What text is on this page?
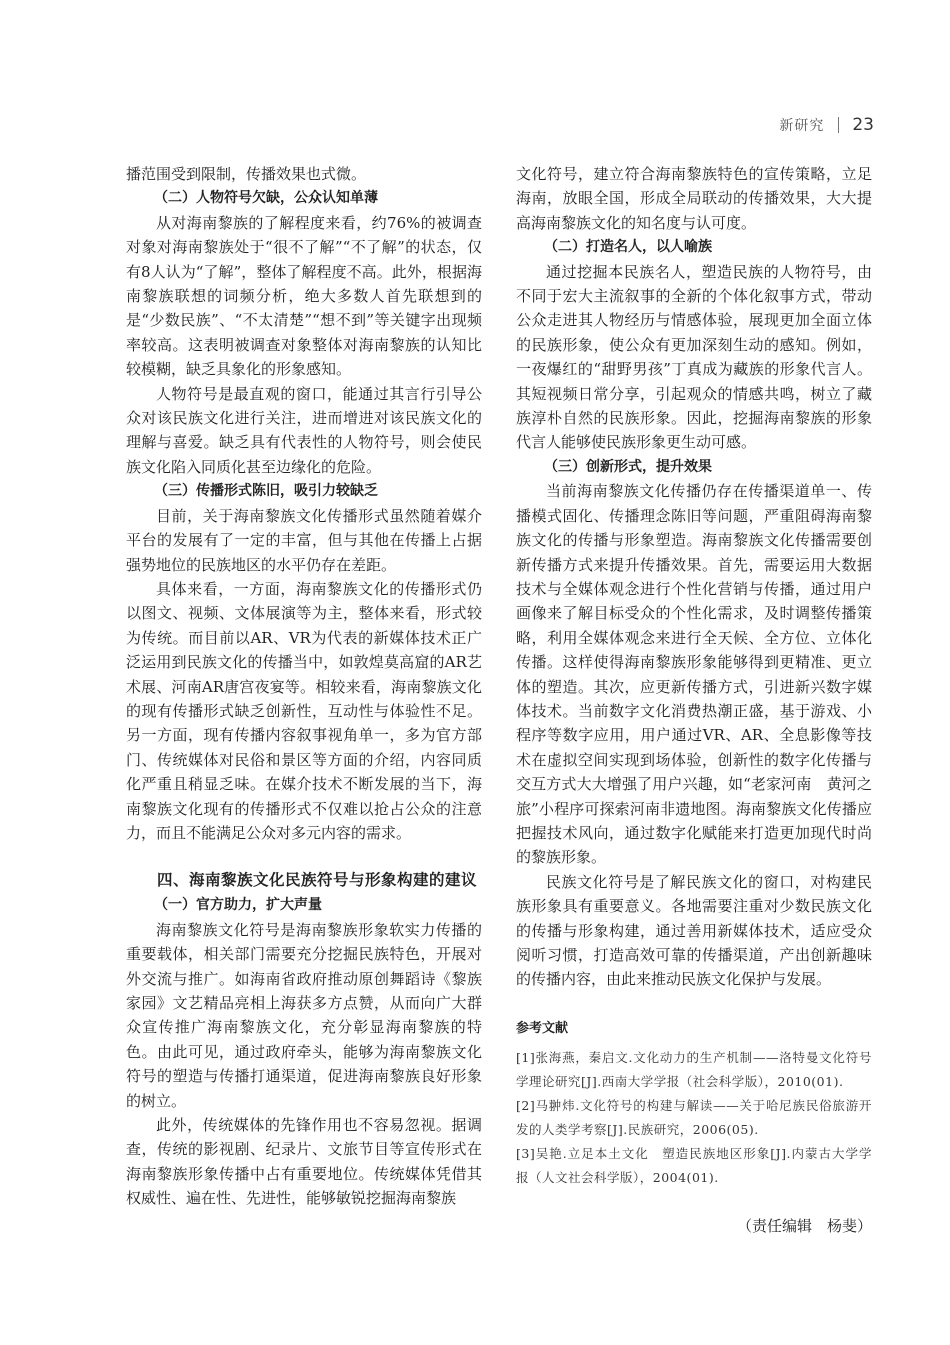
新研究 23

播范围受到限制，传播效果也式微。

（二）人物符号欠缺，公众认知单薄

从对海南黎族的了解程度来看，约76%的被调查对象对海南黎族处于“很不了解”“不了解”的状态，仅有8人认为“了解”，整体了解程度不高。此外，根据海南黎族联想的词频分析，绝大多数人首先联想到的是“少数民族”、“不太清楚”“想不到”等关键字出现频率较高。这表明被调查对象整体对海南黎族的认知比较模糊，缺乏具象化的形象感知。

人物符号是最直观的窗口，能通过其言行引导公众对该民族文化进行关注，进而增进对该民族文化的理解与喜爱。缺乏具有代表性的人物符号，则会使民族文化陷入同质化甚至边缘化的危险。

（三）传播形式陈旧，吸引力较缺乏

目前，关于海南黎族文化传播形式虽然随着媒介平台的发展有了一定的丰富，但与其他在传播上占据强势地位的民族地区的水平仍存在差距。

具体来看，一方面，海南黎族文化的传播形式仍以图文、视频、文体展演等为主，整体来看，形式较为传统。而目前以AR、VR为代表的新媒体技术正广泛运用到民族文化的传播当中，如敦煌莫高窟的AR艺术展、河南AR唐宫夜宴等。相较来看，海南黎族文化的现有传播形式缺乏创新性，互动性与体验性不足。另一方面，现有传播内容叙事视角单一，多为官方部门、传统媒体对民俗和景区等方面的介绍，内容同质化严重且稍显乏味。在媒介技术不断发展的当下，海南黎族文化现有的传播形式不仅难以抢占公众的注意力，而且不能满足公众对多元内容的需求。

四、海南黎族文化民族符号与形象构建的建议

（一）官方助力，扩大声量

海南黎族文化符号是海南黎族形象软实力传播的重要载体，相关部门需要充分挖掘民族特色，开展对外交流与推广。如海南省政府推动原创舞蹈诗《黎族家园》文艺精品亮相上海获多方点赞，从而向广大群众宣传推广海南黎族文化，充分彰显海南黎族的特色。由此可见，通过政府牵头，能够为海南黎族文化符号的塑造与传播打通渠道，促进海南黎族良好形象的树立。

此外，传统媒体的先锋作用也不容易忽视。据调查，传统的影视剧、纪录片、文旅节目等宣传形式在海南黎族形象传播中占有重要地位。传统媒体凭借其权威性、遍在性、先进性，能够敏锐挖掘海南黎族

文化符号，建立符合海南黎族特色的宣传策略，立足海南，放眼全国，形成全局联动的传播效果，大大提高海南黎族文化的知名度与认可度。

（二）打造名人，以人喻族

通过挖掘本民族名人，塑造民族的人物符号，由不同于宏大主流叙事的全新的个体化叙事方式，带动公众走进其人物经历与情感体验，展现更加全面立体的民族形象，使公众有更加深刻生动的感知。例如，一夜爆红的“甜野男孩”丁真成为藏族的形象代言人。其短视频日常分享，引起观众的情感共鸣，树立了藏族淳朴自然的民族形象。因此，挖掘海南黎族的形象代言人能够使民族形象更生动可感。

（三）创新形式，提升效果

当前海南黎族文化传播仍存在传播渠道单一、传播模式固化、传播理念陈旧等问题，严重阻碍海南黎族文化的传播与形象塑造。海南黎族文化传播需要创新传播方式来提升传播效果。首先，需要运用大数据技术与全媒体观念进行个性化营销与传播，通过用户画像来了解目标受众的个性化需求，及时调整传播策略，利用全媒体观念来进行全天候、全方位、立体化传播。这样使得海南黎族形象能够得到更精准、更立体的塑造。其次，应更新传播方式，引进新兴数字媒体技术。当前数字文化消费热潮正盛，基于游戏、小程序等数字应用，用户通过VR、AR、全息影像等技术在虚拟空间实现到场体验，创新性的数字化传播与交互方式大大增强了用户兴趣，如“老家河南　黄河之旅”小程序可探索河南非遗地图。海南黎族文化传播应把握技术风向，通过数字化赋能来打造更加现代时尚的黎族形象。

民族文化符号是了解民族文化的窗口，对构建民族形象具有重要意义。各地需要注重对少数民族文化的传播与形象构建，通过善用新媒体技术，适应受众阅听习惯，打造高效可靠的传播渠道，产出创新趣味的传播内容，由此来推动民族文化保护与发展。

参考文献

[1]张海燕，秦启文.文化动力的生产机制——洛特曼文化符号学理论研究[J].西南大学学报（社会科学版），2010(01).

[2]马翀炜.文化符号的构建与解读——关于哈尼族民俗旅游开发的人类学考察[J].民族研究，2006(05).

[3]吴艳.立足本土文化　塑造民族地区形象[J].内蒙古大学学报（人文社会科学版），2004(01).

（责任编辑　杨斐）
